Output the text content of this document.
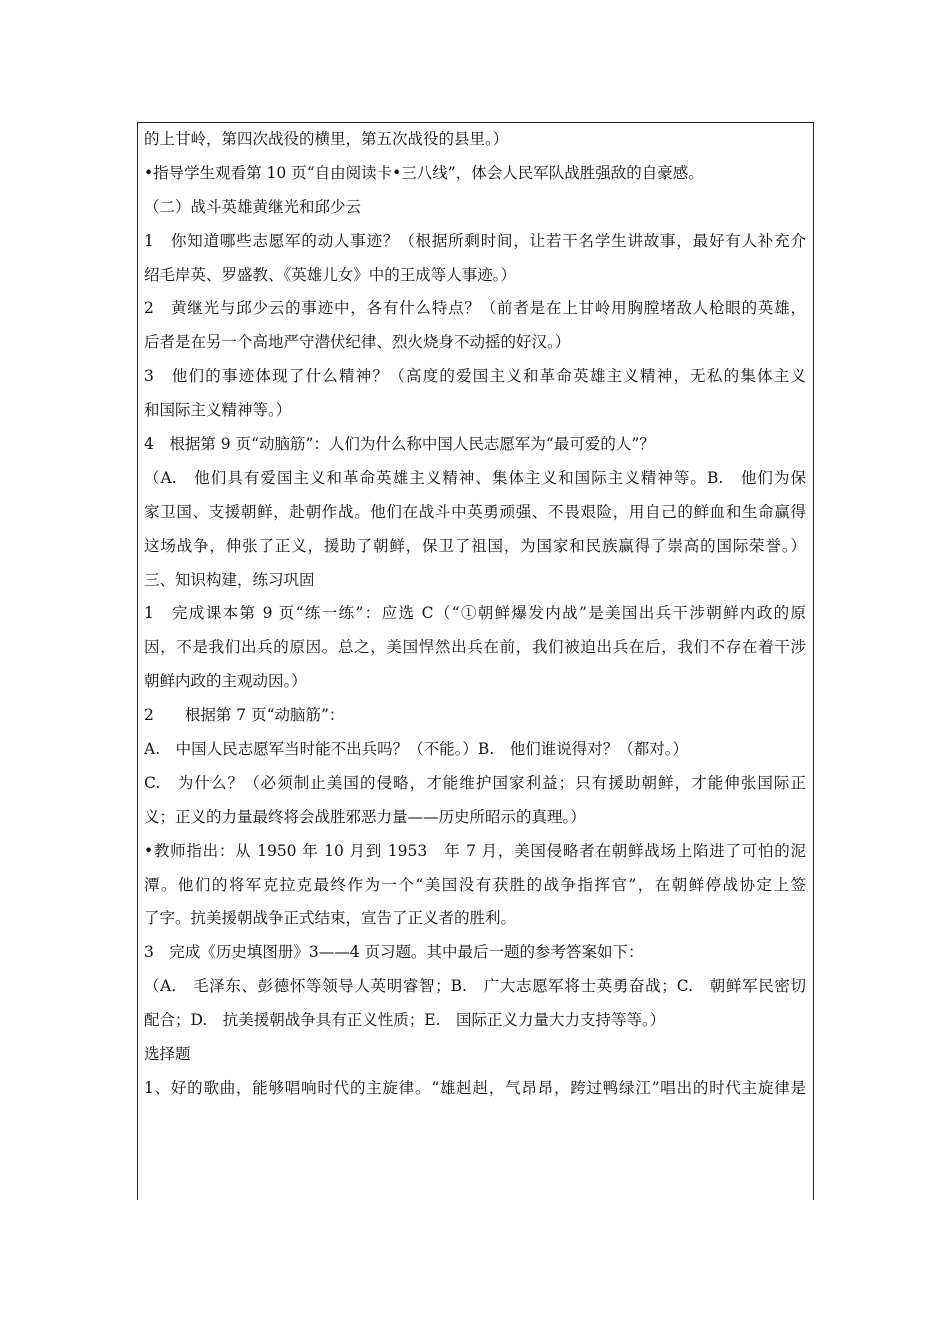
的上甘岭，第四次战役的横里，第五次战役的县里。）
•指导学生观看第 10 页“自由阅读卡•三八线”，体会人民军队战胜强敌的自豪感。
（二）战斗英雄黄继光和邱少云
1　你知道哪些志愿军的动人事迹？（根据所剩时间，让若干名学生讲故事，最好有人补充介
绍毛岸英、罗盛教、《英雄儿女》中的王成等人事迹。）
2　黄继光与邱少云的事迹中，各有什么特点？（前者是在上甘岭用胸膛堵敌人枪眼的英雄，
后者是在另一个高地严守潜伏纪律、烈火烧身不动摇的好汉。）
3　他们的事迹体现了什么精神？（高度的爱国主义和革命英雄主义精神，无私的集体主义
和国际主义精神等。）
4　根据第 9 页“动脑筋”：人们为什么称中国人民志愿军为“最可爱的人”？
（A.　他们具有爱国主义和革命英雄主义精神、集体主义和国际主义精神等。B.　他们为保
家卫国、支援朝鲜，赴朝作战。他们在战斗中英勇顽强、不畏艰险，用自己的鲜血和生命赢得
这场战争，伸张了正义，援助了朝鲜，保卫了祖国，为国家和民族赢得了崇高的国际荣誉。）
三、知识构建，练习巩固
1　完成课本第 9 页“练一练”：应选 C（“①朝鲜爆发内战”是美国出兵干涉朝鲜内政的原
因，不是我们出兵的原因。总之，美国悍然出兵在前，我们被迫出兵在后，我们不存在着干涉
朝鲜内政的主观动因。）
2　　根据第 7 页“动脑筋”：
A.　中国人民志愿军当时能不出兵吗？（不能。）B.　他们谁说得对？（都对。）
C.　为什么？（必须制止美国的侵略，才能维护国家利益；只有援助朝鲜，才能伸张国际正
义；正义的力量最终将会战胜邪恶力量——历史所昭示的真理。）
•教师指出：从 1950 年 10 月到 1953　年 7 月，美国侵略者在朝鲜战场上陷进了可怕的泥
潭。他们的将军克拉克最终作为一个“美国没有获胜的战争指挥官”，在朝鲜停战协定上签
了字。抗美援朝战争正式结束，宣告了正义者的胜利。
3　完成《历史填图册》3——4 页习题。其中最后一题的参考答案如下：
（A.　毛泽东、彭德怀等领导人英明睿智；B.　广大志愿军将士英勇奋战；C.　朝鲜军民密切
配合；D.　抗美援朝战争具有正义性质；E.　国际正义力量大力支持等等。）
选择题
1、好的歌曲，能够唱响时代的主旋律。“雄赳赳，气昂昂，跨过鸭绿江”唱出的时代主旋律是
